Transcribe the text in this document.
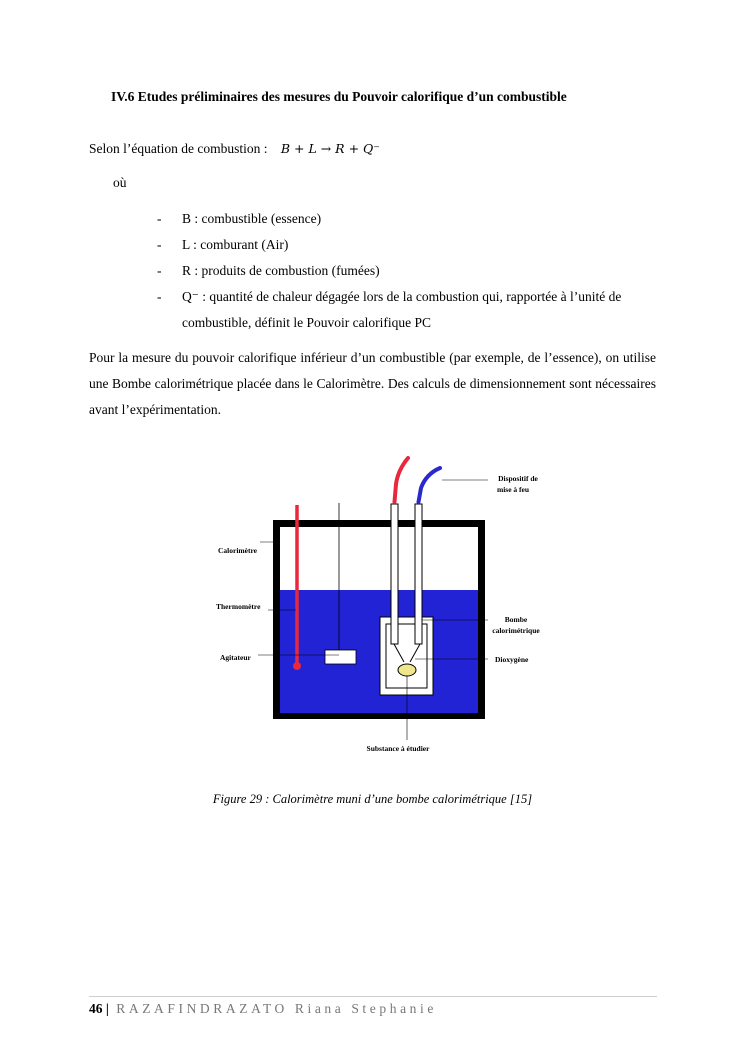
IV.6 Etudes préliminaires des mesures du Pouvoir calorifique d’un combustible
Selon l’équation de combustion : B + L → R + Q⁻
où
- B : combustible (essence)
- L : comburant (Air)
- R : produits de combustion (fumées)
- Q⁻ : quantité de chaleur dégagée lors de la combustion qui, rapportée à l’unité de combustible, définit le Pouvoir calorifique PC
Pour la mesure du pouvoir calorifique inférieur d’un combustible (par exemple, de l’essence), on utilise une Bombe calorimétrique placée dans le Calorimètre. Des calculs de dimensionnement sont nécessaires avant l’expérimentation.
Dispositif de
mise à feu
Calorimètre
Thermomètre
Bombe
calorimétrique
Agitateur	Dioxygène
Substance à étudier
Figure 29 : Calorimètre muni d’une bombe calorimétrique [15]
46 | RAZAFINDRAZATO Riana Stephanie
